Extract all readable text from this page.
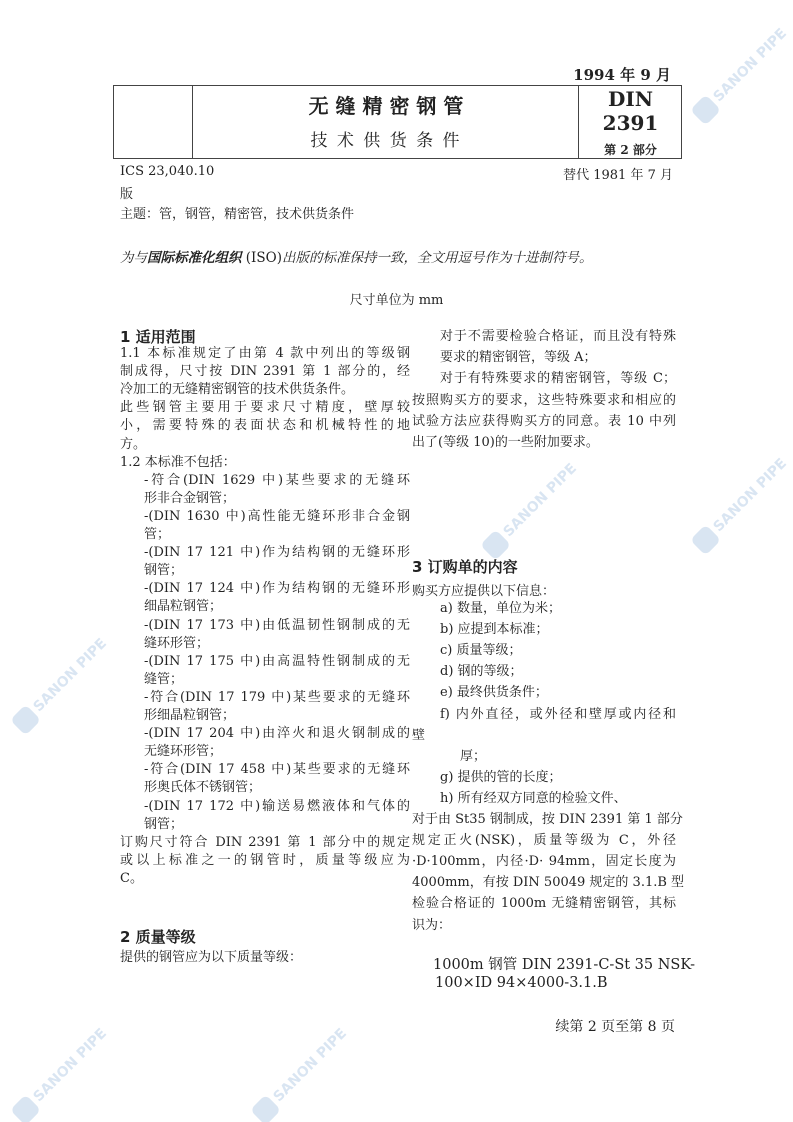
SANON PIPE
SANON PIPE
SANON PIPE
SANON PIPE
SANON PIPE
SANON PIPE
1994 年 9 月
无 缝 精 密 钢 管
技 术 供 货 条 件
DIN
2391
第 2 部分
ICS 23,040.10	替代 1981 年 7 月
版
主题：管，钢管，精密管，技术供货条件
为与国际标准化组织 (ISO)出版的标准保持一致，全文用逗号作为十进制符号。
尺寸单位为 mm
1 适用范围
1.1 本标准规定了由第 4 款中列出的等级钢
制成得，尺寸按 DIN 2391 第 1 部分的，经
冷加工的无缝精密钢管的技术供货条件。
此些钢管主要用于要求尺寸精度，壁厚较
小，需要特殊的表面状态和机械特性的地
方。
1.2 本标准不包括：
-符合(DIN 1629 中)某些要求的无缝环
形非合金钢管；
-(DIN 1630 中)高性能无缝环形非合金钢
管；
-(DIN 17 121 中)作为结构钢的无缝环形
钢管；
-(DIN 17 124 中)作为结构钢的无缝环形
细晶粒钢管；
-(DIN 17 173 中)由低温韧性钢制成的无
缝环形管；
-(DIN 17 175 中)由高温特性钢制成的无
缝管；
-符合(DIN 17 179 中)某些要求的无缝环
形细晶粒钢管；
-(DIN 17 204 中)由淬火和退火钢制成的
无缝环形管；
-符合(DIN 17 458 中)某些要求的无缝环
形奥氏体不锈钢管；
-(DIN 17 172 中)输送易燃液体和气体的
钢管；
订购尺寸符合 DIN 2391 第 1 部分中的规定
或以上标准之一的钢管时，质量等级应为
C。
2 质量等级
提供的钢管应为以下质量等级：
对于不需要检验合格证，而且没有特殊
要求的精密钢管，等级 A；
对于有特殊要求的精密钢管，等级 C；
按照购买方的要求，这些特殊要求和相应的
试验方法应获得购买方的同意。表 10 中列
出了(等级 10)的一些附加要求。
3 订购单的内容
购买方应提供以下信息：
a) 数量，单位为米；
b) 应提到本标准；
c) 质量等级；
d) 钢的等级；
e) 最终供货条件；
f) 内外直径，或外径和壁厚或内径和
壁
厚；
g) 提供的管的长度；
h) 所有经双方同意的检验文件、
对于由 St35 钢制成，按 DIN 2391 第 1 部分
规定正火(NSK)，质量等级为 C，外径
·D·100mm，内径·D· 94mm，固定长度为
4000mm，有按 DIN 50049 规定的 3.1.B 型
检验合格证的 1000m 无缝精密钢管，其标
识为：
1000m 钢管 DIN 2391-C-St 35 NSK-
100×ID 94×4000-3.1.B
续第 2 页至第 8 页
